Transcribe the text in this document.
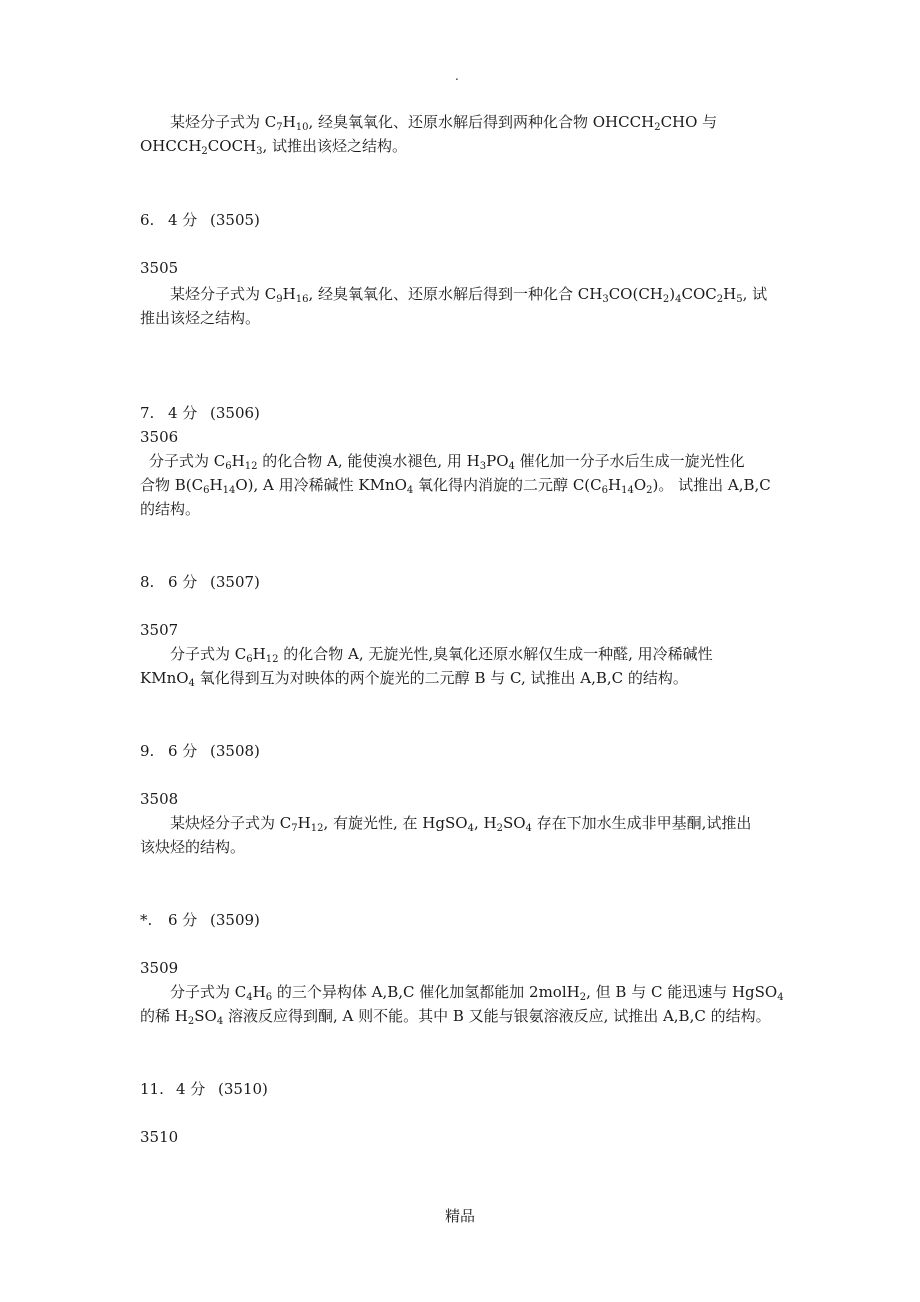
.
某烃分子式为 $C_7H_{10}$, 经臭氧氧化、还原水解后得到两种化合物 $OHCCH_2CHO$ 与
$OHCCH_2COCH_3$, 试推出该烃之结构。
6. 4 分 (3505)
3505
某烃分子式为 $C_9H_{16}$, 经臭氧氧化、还原水解后得到一种化合 $CH_3CO(CH_2)_4COC_2H_5$, 试
推出该烃之结构。
7. 4 分 (3506)
3506
分子式为 $C_6H_{12}$ 的化合物 A, 能使溴水褪色, 用 $H_3PO_4$ 催化加一分子水后生成一旋光性化
合物 $B(C_6H_{14}O)$, A 用冷稀碱性 KMnO$_4$ 氧化得内消旋的二元醇 $C(C_6H_{14}O_2)$。 试推出 A,B,C
的结构。
8. 6 分 (3507)
3507
分子式为 $C_6H_{12}$ 的化合物 A, 无旋光性,臭氧化还原水解仅生成一种醛, 用冷稀碱性
KMnO$_4$ 氧化得到互为对映体的两个旋光的二元醇 B 与 C, 试推出 A,B,C 的结构。
9. 6 分 (3508)
3508
某炔烃分子式为 $C_7H_{12}$, 有旋光性, 在 HgSO$_4$, $H_2SO_4$ 存在下加水生成非甲基酮,试推出
该炔烃的结构。
*. 6 分 (3509)
3509
分子式为 $C_4H_6$ 的三个异构体 A,B,C 催化加氢都能加 2molH$_2$, 但 B 与 C 能迅速与 HgSO$_4$
的稀 $H_2SO_4$ 溶液反应得到酮, A 则不能。其中 B 又能与银氨溶液反应, 试推出 A,B,C 的结构。
11. 4 分 (3510)
3510
精品
